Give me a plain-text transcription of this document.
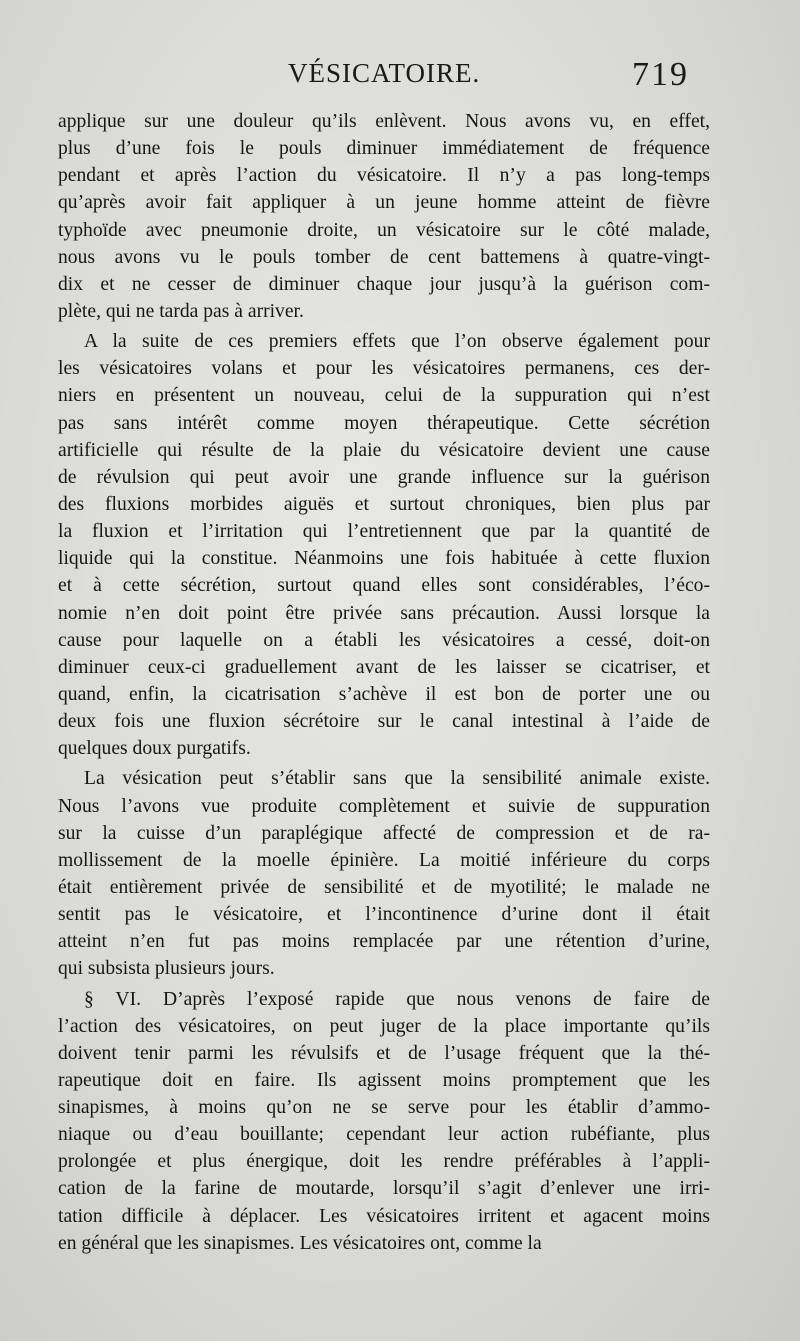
VÉSICATOIRE.	719
applique sur une douleur qu’ils enlèvent. Nous avons vu, en effet,
plus d’une fois le pouls diminuer immédiatement de fréquence
pendant et après l’action du vésicatoire. Il n’y a pas long-temps
qu’après avoir fait appliquer à un jeune homme atteint de fièvre
typhoïde avec pneumonie droite, un vésicatoire sur le côté malade,
nous avons vu le pouls tomber de cent battemens à quatre-vingt-
dix et ne cesser de diminuer chaque jour jusqu’à la guérison com-
plète, qui ne tarda pas à arriver.
A la suite de ces premiers effets que l’on observe également pour
les vésicatoires volans et pour les vésicatoires permanens, ces der-
niers en présentent un nouveau, celui de la suppuration qui n’est
pas sans intérêt comme moyen thérapeutique. Cette sécrétion
artificielle qui résulte de la plaie du vésicatoire devient une cause
de révulsion qui peut avoir une grande influence sur la guérison
des fluxions morbides aiguës et surtout chroniques, bien plus par
la fluxion et l’irritation qui l’entretiennent que par la quantité de
liquide qui la constitue. Néanmoins une fois habituée à cette fluxion
et à cette sécrétion, surtout quand elles sont considérables, l’éco-
nomie n’en doit point être privée sans précaution. Aussi lorsque la
cause pour laquelle on a établi les vésicatoires a cessé, doit-on
diminuer ceux-ci graduellement avant de les laisser se cicatriser, et
quand, enfin, la cicatrisation s’achève il est bon de porter une ou
deux fois une fluxion sécrétoire sur le canal intestinal à l’aide de
quelques doux purgatifs.
La vésication peut s’établir sans que la sensibilité animale existe.
Nous l’avons vue produite complètement et suivie de suppuration
sur la cuisse d’un paraplégique affecté de compression et de ra-
mollissement de la moelle épinière. La moitié inférieure du corps
était entièrement privée de sensibilité et de myotilité; le malade ne
sentit pas le vésicatoire, et l’incontinence d’urine dont il était
atteint n’en fut pas moins remplacée par une rétention d’urine,
qui subsista plusieurs jours.
§ VI. D’après l’exposé rapide que nous venons de faire de
l’action des vésicatoires, on peut juger de la place importante qu’ils
doivent tenir parmi les révulsifs et de l’usage fréquent que la thé-
rapeutique doit en faire. Ils agissent moins promptement que les
sinapismes, à moins qu’on ne se serve pour les établir d’ammo-
niaque ou d’eau bouillante; cependant leur action rubéfiante, plus
prolongée et plus énergique, doit les rendre préférables à l’appli-
cation de la farine de moutarde, lorsqu’il s’agit d’enlever une irri-
tation difficile à déplacer. Les vésicatoires irritent et agacent moins
en général que les sinapismes. Les vésicatoires ont, comme la
